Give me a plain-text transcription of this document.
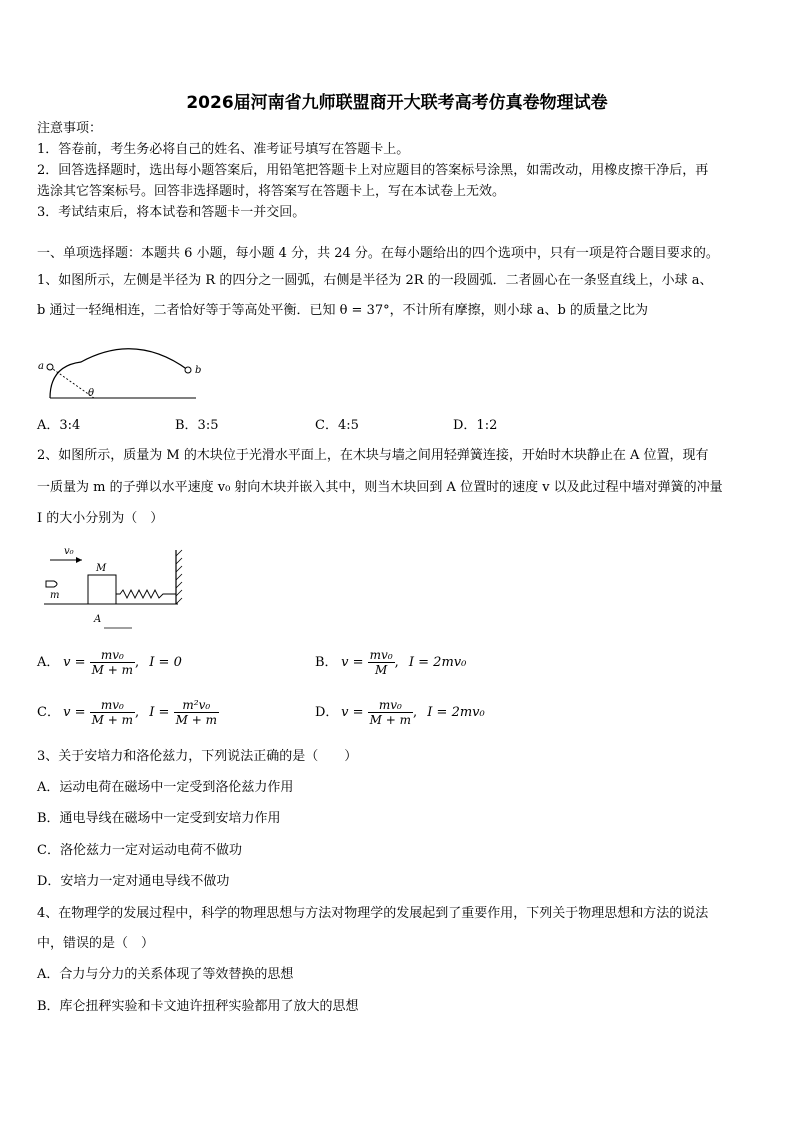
2026届河南省九师联盟商开大联考高考仿真卷物理试卷
注意事项：
1．答卷前，考生务必将自己的姓名、准考证号填写在答题卡上。
2．回答选择题时，选出每小题答案后，用铅笔把答题卡上对应题目的答案标号涂黑，如需改动，用橡皮擦干净后，再
选涂其它答案标号。回答非选择题时，将答案写在答题卡上，写在本试卷上无效。
3．考试结束后，将本试卷和答题卡一并交回。
一、单项选择题：本题共 6 小题，每小题 4 分，共 24 分。在每小题给出的四个选项中，只有一项是符合题目要求的。
1、如图所示，左侧是半径为 R 的四分之一圆弧，右侧是半径为 2R 的一段圆弧．二者圆心在一条竖直线上，小球 a、
b 通过一轻绳相连，二者恰好等于等高处平衡．已知 θ = 37°，不计所有摩擦，则小球 a、b 的质量之比为
a	b
θ
A．3:4	B．3:5	C．4:5	D．1:2
2、如图所示，质量为 M 的木块位于光滑水平面上，在木块与墙之间用轻弹簧连接，开始时木块静止在 A 位置，现有
一质量为 m 的子弹以水平速度 v₀ 射向木块并嵌入其中，则当木块回到 A 位置时的速度 v 以及此过程中墙对弹簧的冲量
I 的大小分别为（　）
v₀
m
M
A
A． $v = \frac{\text{mv₀}}{M + m}$ , I = 0	B． $v = \frac{\text{mv₀}}{M}$ , I = 2mv₀
C． $v = \frac{\text{mv₀}}{M + m}$ , $I = \frac{\text{m²v₀}}{M + m}$	D． $v = \frac{\text{mv₀}}{M + m}$ , I = 2mv₀
3、关于安培力和洛伦兹力，下列说法正确的是（　　）
A．运动电荷在磁场中一定受到洛伦兹力作用
B．通电导线在磁场中一定受到安培力作用
C．洛伦兹力一定对运动电荷不做功
D．安培力一定对通电导线不做功
4、在物理学的发展过程中，科学的物理思想与方法对物理学的发展起到了重要作用，下列关于物理思想和方法的说法
中，错误的是（　）
A．合力与分力的关系体现了等效替换的思想
B．库仑扭秤实验和卡文迪许扭秤实验都用了放大的思想
